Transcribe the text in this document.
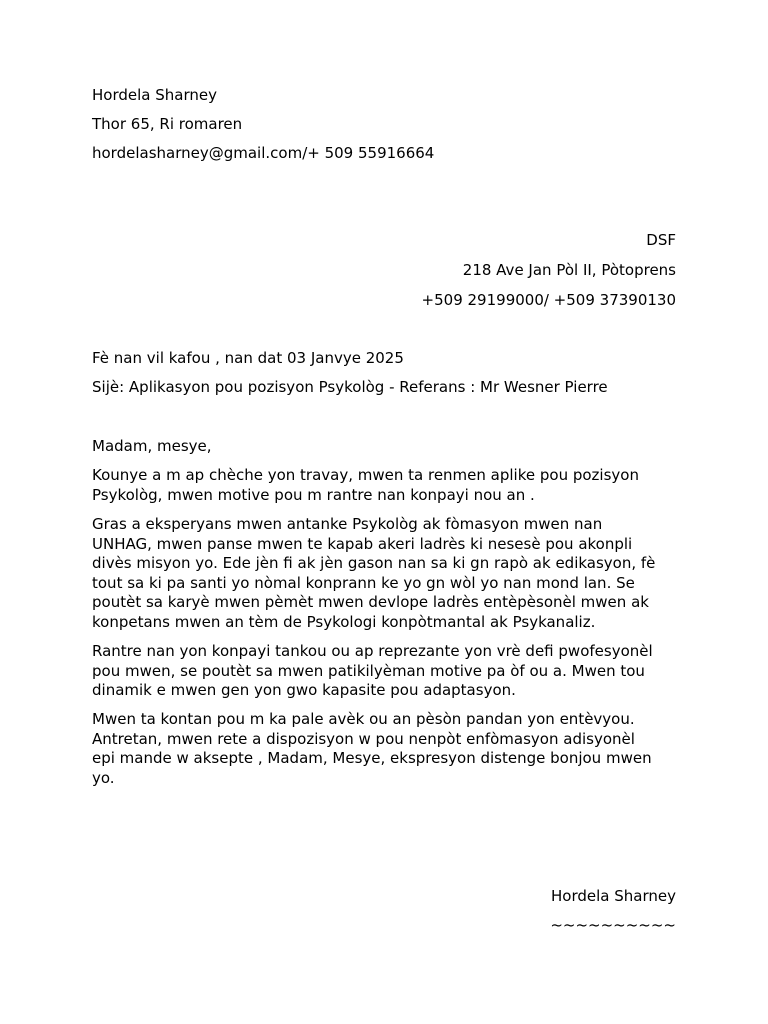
Hordela Sharney
Thor 65, Ri romaren
hordelasharney@gmail.com/+ 509 55916664
DSF
218 Ave Jan Pòl II, Pòtoprens
+509 29199000/ +509 37390130
Fè nan vil kafou , nan dat 03 Janvye 2025
Sijè: Aplikasyon pou pozisyon Psykològ - Referans : Mr Wesner Pierre
Madam, mesye,
Kounye a m ap chèche yon travay, mwen ta renmen aplike pou pozisyon
Psykològ, mwen motive pou m rantre nan konpayi nou an .
Gras a eksperyans mwen antanke Psykològ ak fòmasyon mwen nan
UNHAG, mwen panse mwen te kapab akeri ladrès ki nesesè pou akonpli
divès misyon yo. Ede jèn fi ak jèn gason nan sa ki gn rapò ak edikasyon, fè
tout sa ki pa santi yo nòmal konprann ke yo gn wòl yo nan mond lan. Se
poutèt sa karyè mwen pèmèt mwen devlope ladrès entèpèsonèl mwen ak
konpetans mwen an tèm de Psykologi konpòtmantal ak Psykanaliz.
Rantre nan yon konpayi tankou ou ap reprezante yon vrè defi pwofesyonèl
pou mwen, se poutèt sa mwen patikilyèman motive pa òf ou a. Mwen tou
dinamik e mwen gen yon gwo kapasite pou adaptasyon.
Mwen ta kontan pou m ka pale avèk ou an pèsòn pandan yon entèvyou.
Antretan, mwen rete a dispozisyon w pou nenpòt enfòmasyon adisyonèl
epi mande w aksepte , Madam, Mesye, ekspresyon distenge bonjou mwen
yo.
Hordela Sharney
~~~~~~~~~~
